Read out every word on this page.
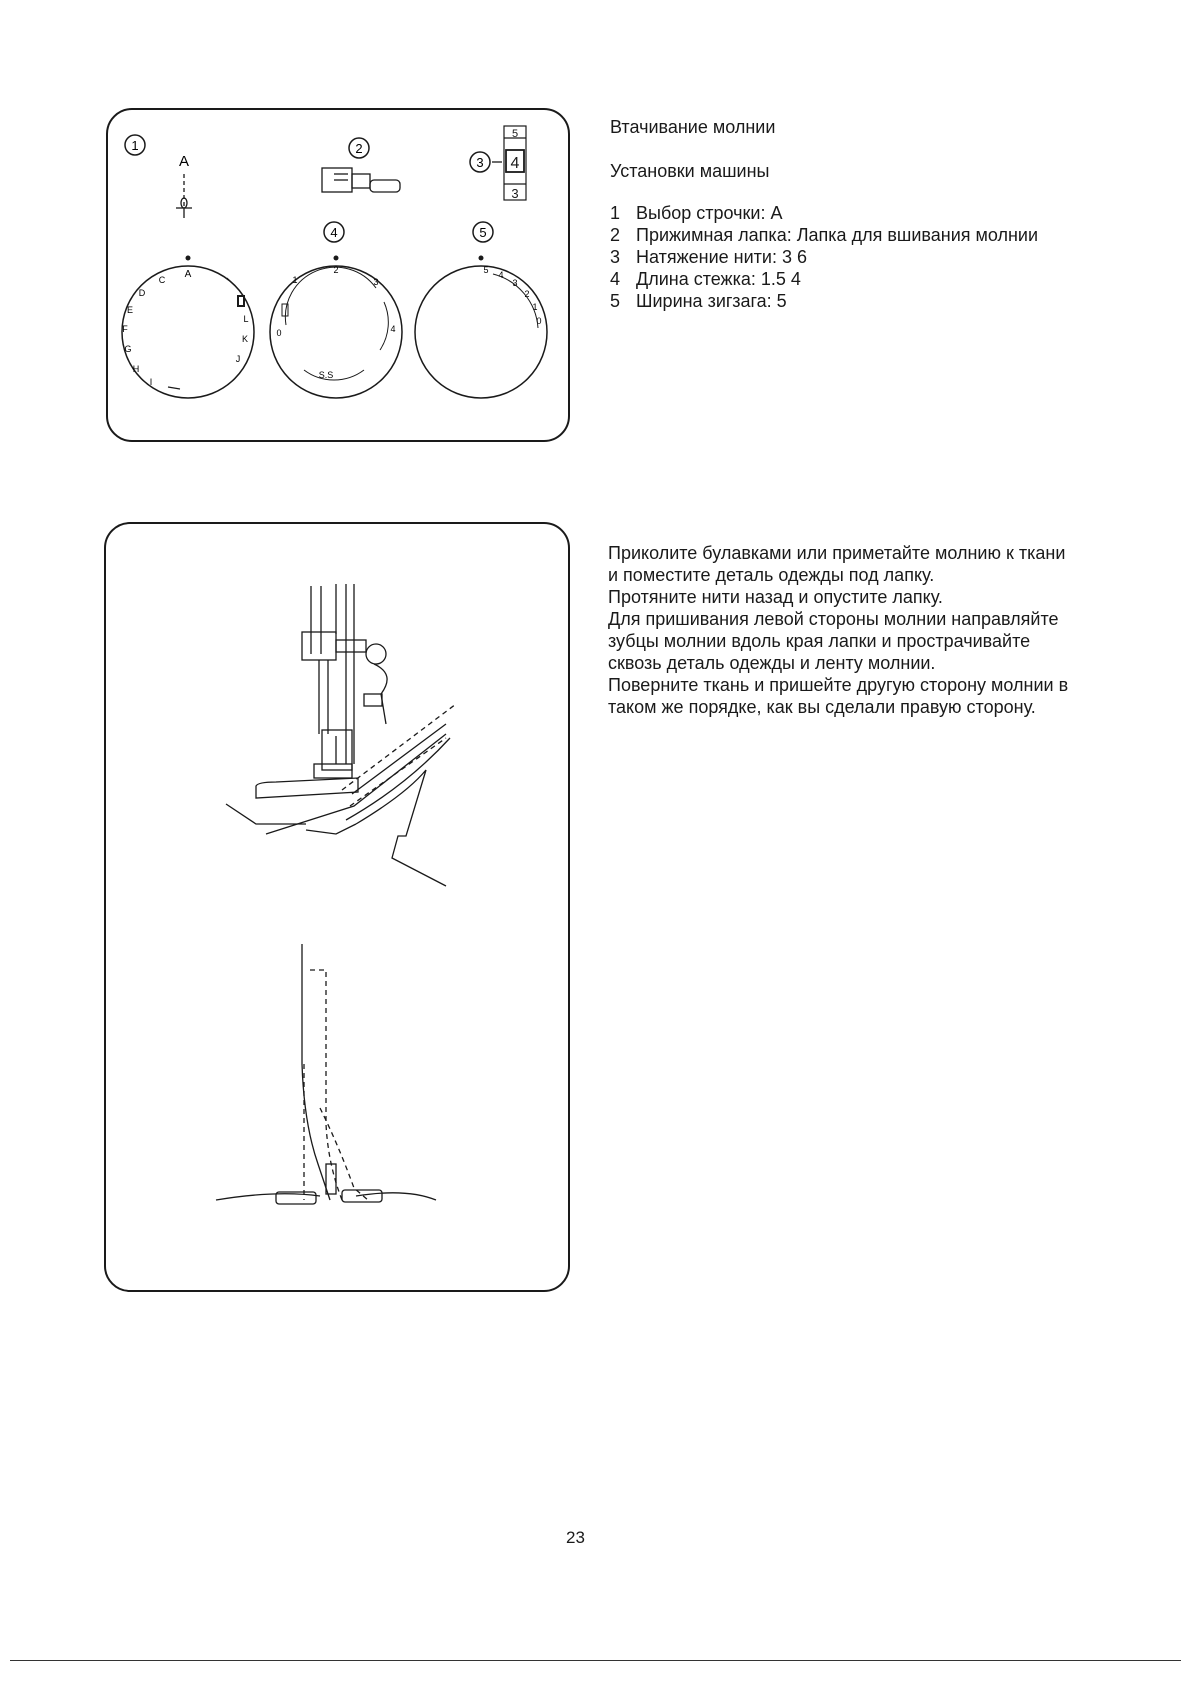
1
A
2
3
5
4
3
4	5
A
C
D
E
F
G
H
I
J
K
L
0
1
2
3
4
S.S
5 4
3
2
1
0
Втачивание молнии
Установки машины
1 Выбор строчки: A
2 Прижимная лапка: Лапка для вшивания молнии
3 Натяжение нити: 3 6
4 Длина стежка: 1.5 4
5 Ширина зигзага: 5

Приколите булавками или приметайте молнию к ткани и поместите деталь одежды под лапку.

Протяните нити назад и опустите лапку.

Для пришивания левой стороны молнии направляйте зубцы молнии вдоль края лапки и прострачивайте сквозь деталь одежды и ленту молнии.

Поверните ткань и пришейте другую сторону молнии в таком же порядке, как вы сделали правую сторону.

23
